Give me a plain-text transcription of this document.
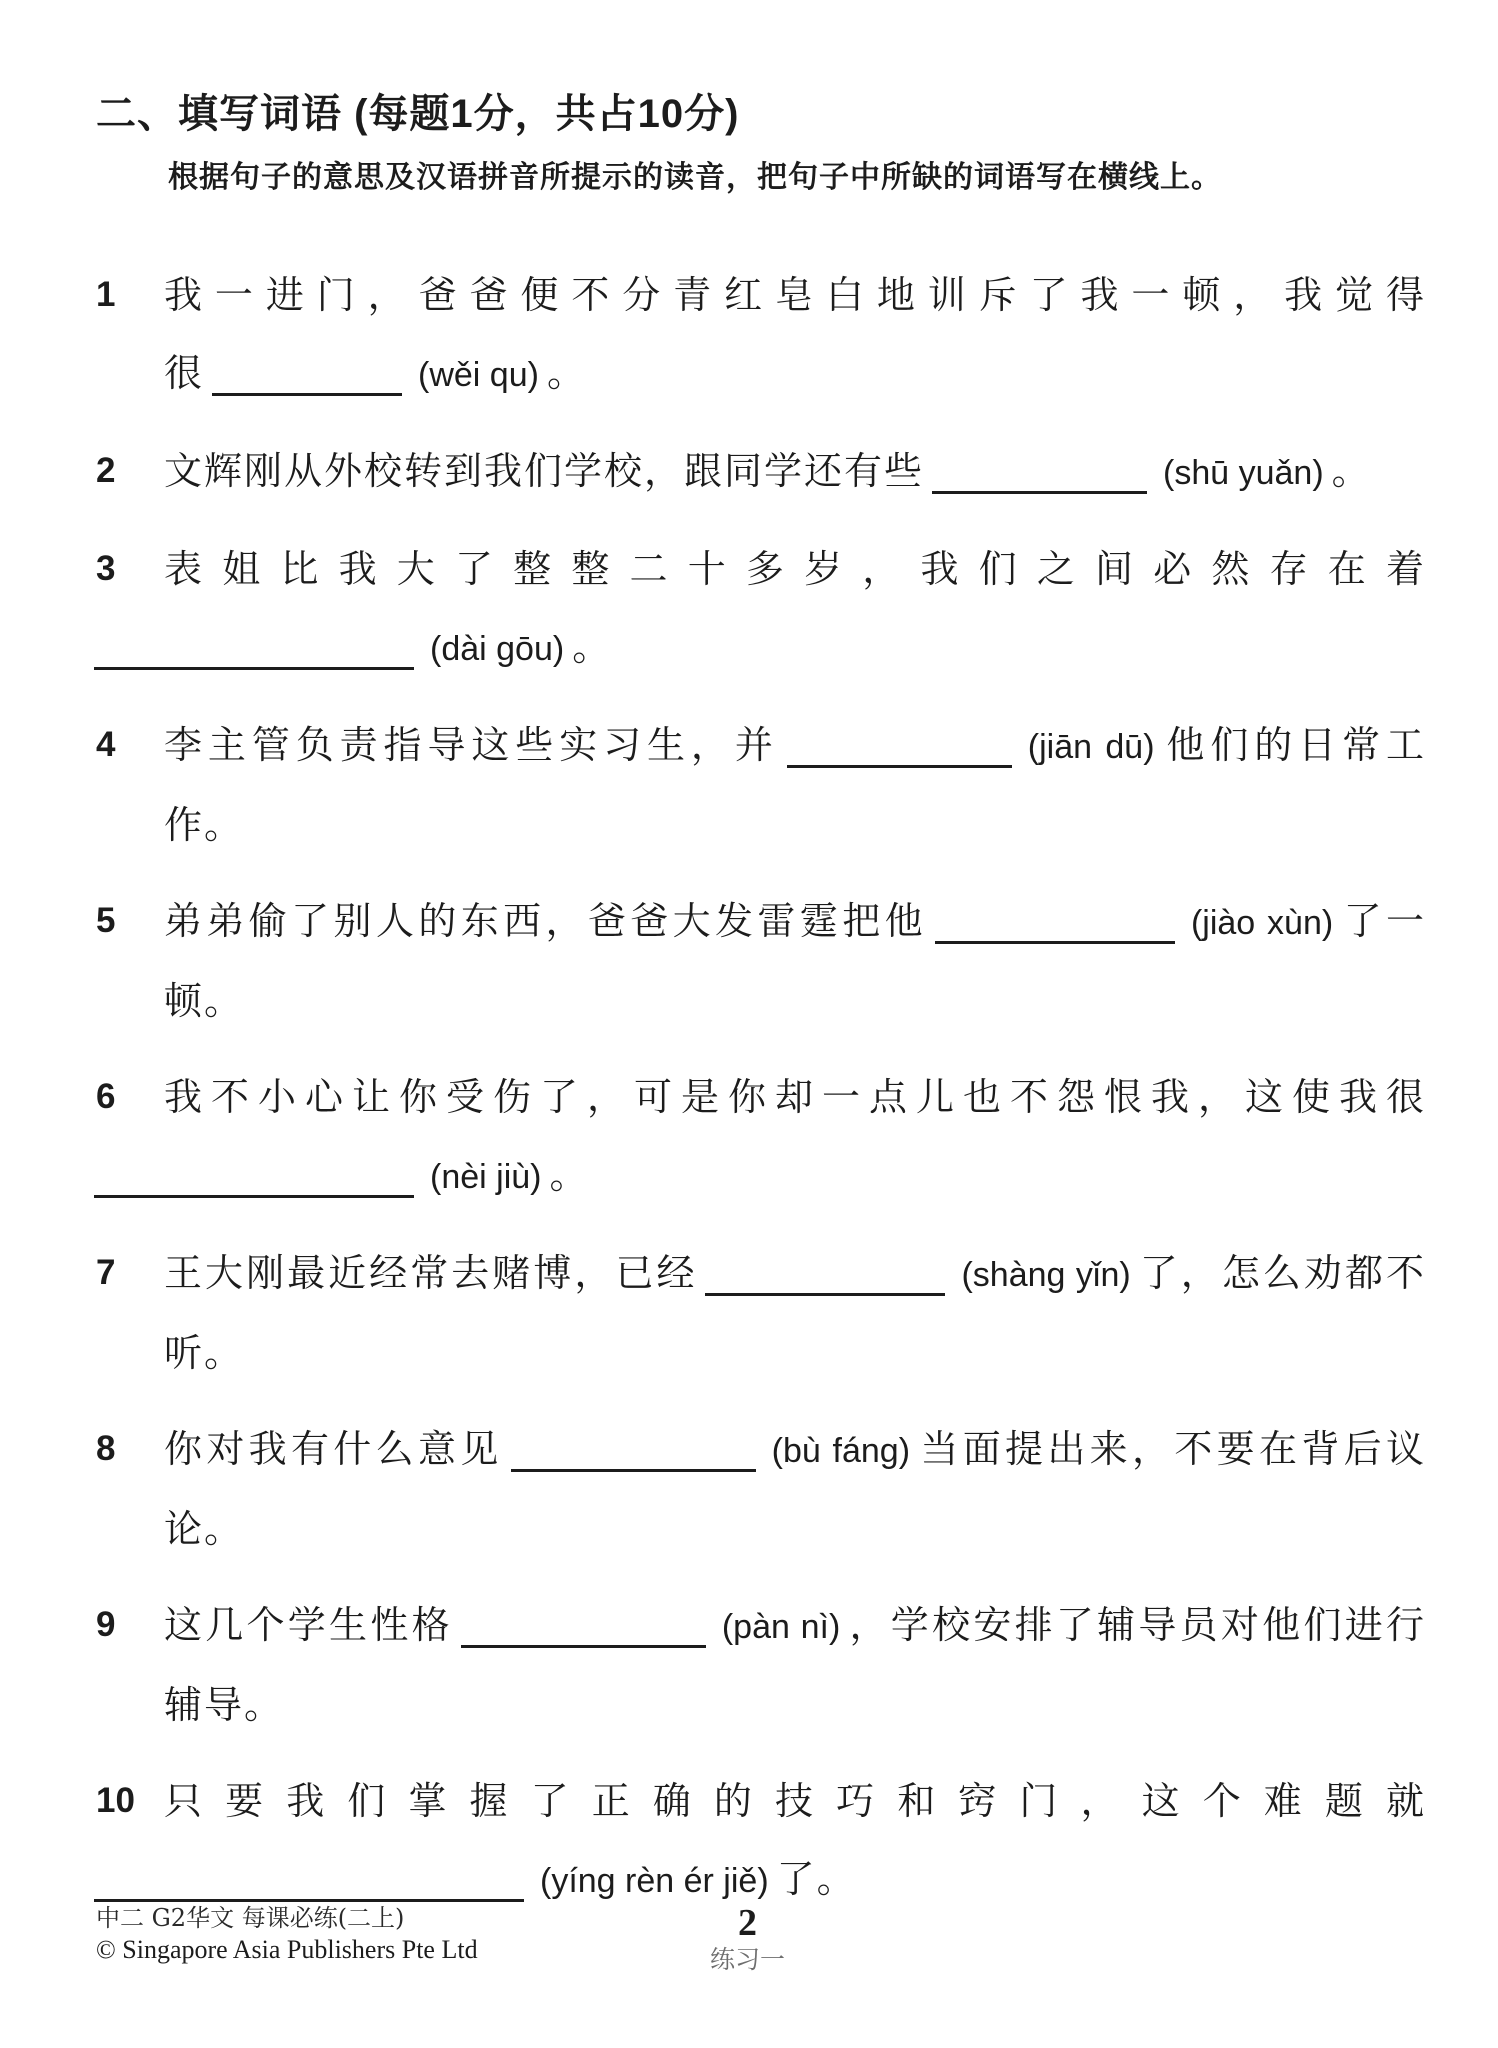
二、填写词语 (每题1分，共占10分)
根据句子的意思及汉语拼音所提示的读音，把句子中所缺的词语写在横线上。
1	我一进门，爸爸便不分青红皂白地训斥了我一顿，我觉得
很	(wěi qu) 。
2	文辉刚从外校转到我们学校，跟同学还有些	(shū yuǎn) 。
3	表姐比我大了整整二十多岁，我们之间必然存在着
(dài gōu) 。
4	李主管负责指导这些实习生，并	(jiān dū) 他们的日常工
作。
5	弟弟偷了别人的东西，爸爸大发雷霆把他	(jiào xùn) 了一
顿。
6	我不小心让你受伤了，可是你却一点儿也不怨恨我，这使我很
(nèi jiù) 。
7	王大刚最近经常去赌博，已经	(shàng yǐn) 了，怎么劝都不
听。
8	你对我有什么意见	(bù fáng) 当面提出来，不要在背后议
论。
9	这几个学生性格	(pàn nì) ，学校安排了辅导员对他们进行
辅导。
10 只要我们掌握了正确的技巧和窍门，这个难题就
(yíng rèn ér jiě) 了。
中二 G2华文 每课必练(二上)
© Singapore Asia Publishers Pte Ltd
2
练习一
